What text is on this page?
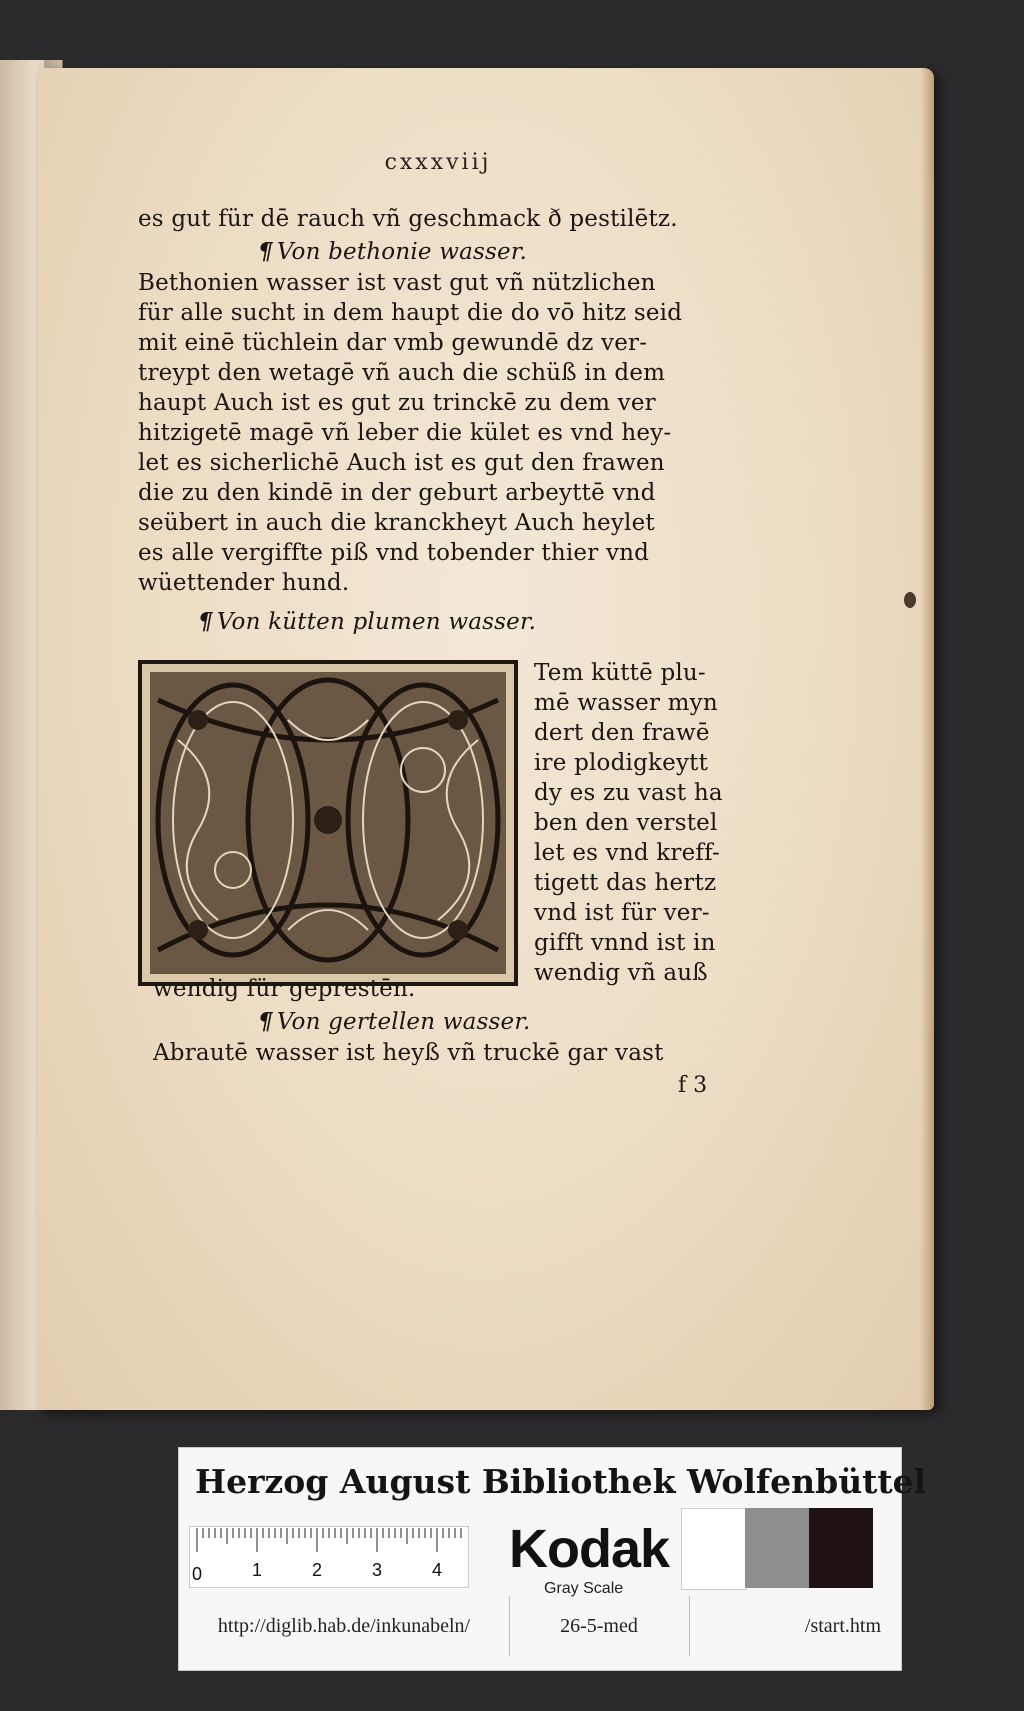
cxxxviij
es gut für dē rauch vñ geschmack ð pestilētz.
¶ Von bethonie wasser.
Bethonien wasser ist vast gut vñ nützlichen
für alle sucht in dem haupt die do vō hitz seid
mit einē tüchlein dar vmb gewundē dz ver-
treypt den wetagē vñ auch die schüß in dem
haupt Auch ist es gut zu trinckē zu dem ver
hitzigetē magē vñ leber die kület es vnd hey-
let es sicherlichē Auch ist es gut den frawen
die zu den kindē in der geburt arbeyttē vnd
seübert in auch die kranckheyt Auch heylet
es alle vergiffte piß vnd tobender thier vnd
wüettender hund.
¶ Von kütten plumen wasser.
Tem küttē plu-
mē wasser myn
dert den frawē
ire plodigkeytt
dy es zu vast ha
ben den verstel
let es vnd kreff-
tigett das hertz
vnd ist für ver-
gifft vnnd ist in
wendig vñ auß
wendig für geprestēn.
¶ Von gertellen wasser.
Abrautē wasser ist heyß vñ truckē gar vast
f 3
Herzog August Bibliothek Wolfenbüttel
0	1	2	3	4 Kodak
Gray Scale
http://diglib.hab.de/inkunabeln/	26-5-med	/start.htm
